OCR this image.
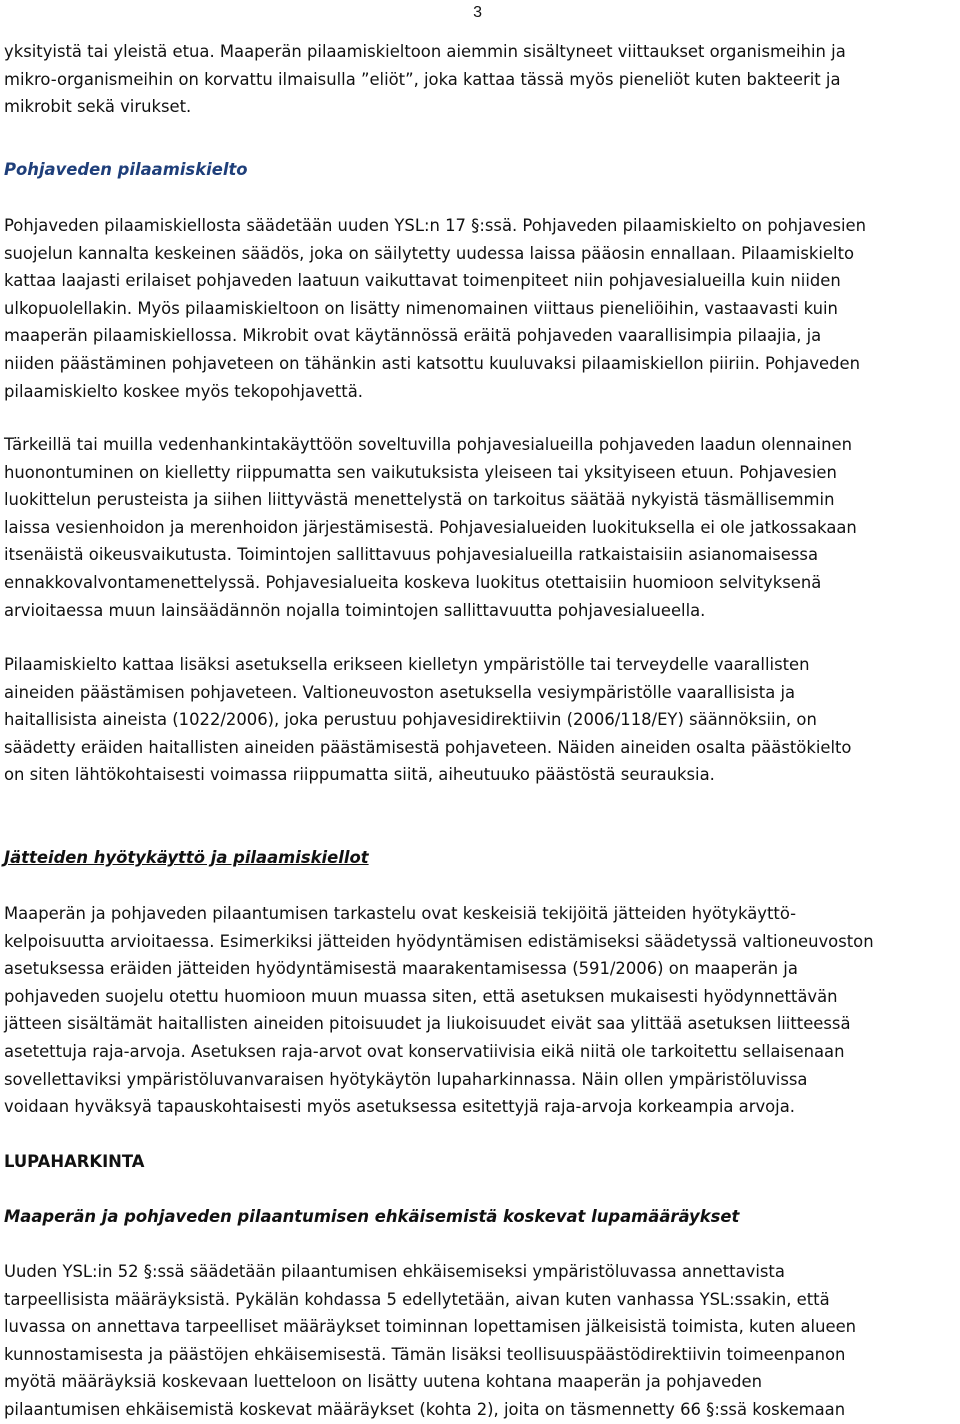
3

yksityistä tai yleistä etua. Maaperän pilaamiskieltoon aiemmin sisältyneet viittaukset organismeihin ja
mikro-organismeihin on korvattu ilmaisulla ”eliöt”, joka kattaa tässä myös pieneliöt kuten bakteerit ja
mikrobit sekä virukset.

Pohjaveden pilaamiskielto

Pohjaveden pilaamiskiellosta säädetään uuden YSL:n 17 §:ssä. Pohjaveden pilaamiskielto on pohjavesien
suojelun kannalta keskeinen säädös, joka on säilytetty uudessa laissa pääosin ennallaan. Pilaamiskielto
kattaa laajasti erilaiset pohjaveden laatuun vaikuttavat toimenpiteet niin pohjavesialueilla kuin niiden
ulkopuolellakin. Myös pilaamiskieltoon on lisätty nimenomainen viittaus pieneliöihin, vastaavasti kuin
maaperän pilaamiskiellossa. Mikrobit ovat käytännössä eräitä pohjaveden vaarallisimpia pilaajia, ja
niiden päästäminen pohjaveteen on tähänkin asti katsottu kuuluvaksi pilaamiskiellon piiriin. Pohjaveden
pilaamiskielto koskee myös tekopohjavettä.

Tärkeillä tai muilla vedenhankintakäyttöön soveltuvilla pohjavesialueilla pohjaveden laadun olennainen
huonontuminen on kielletty riippumatta sen vaikutuksista yleiseen tai yksityiseen etuun. Pohjavesien
luokittelun perusteista ja siihen liittyvästä menettelystä on tarkoitus säätää nykyistä täsmällisemmin
laissa vesienhoidon ja merenhoidon järjestämisestä. Pohjavesialueiden luokituksella ei ole jatkossakaan
itsenäistä oikeusvaikutusta. Toimintojen sallittavuus pohjavesialueilla ratkaistaisiin asianomaisessa
ennakkovalvontamenettelyssä. Pohjavesialueita koskeva luokitus otettaisiin huomioon selvityksenä
arvioitaessa muun lainsäädännön nojalla toimintojen sallittavuutta pohjavesialueella.

Pilaamiskielto kattaa lisäksi asetuksella erikseen kielletyn ympäristölle tai terveydelle vaarallisten
aineiden päästämisen pohjaveteen. Valtioneuvoston asetuksella vesiympäristölle vaarallisista ja
haitallisista aineista (1022/2006), joka perustuu pohjavesidirektiivin (2006/118/EY) säännöksiin, on
säädetty eräiden haitallisten aineiden päästämisestä pohjaveteen. Näiden aineiden osalta päästökielto
on siten lähtökohtaisesti voimassa riippumatta siitä, aiheutuuko päästöstä seurauksia.

Jätteiden hyötykäyttö ja pilaamiskiellot

Maaperän ja pohjaveden pilaantumisen tarkastelu ovat keskeisiä tekijöitä jätteiden hyötykäyttö-
kelpoisuutta arvioitaessa. Esimerkiksi jätteiden hyödyntämisen edistämiseksi säädetyssä valtioneuvoston
asetuksessa eräiden jätteiden hyödyntämisestä maarakentamisessa (591/2006) on maaperän ja
pohjaveden suojelu otettu huomioon muun muassa siten, että asetuksen mukaisesti hyödynnettävän
jätteen sisältämät haitallisten aineiden pitoisuudet ja liukoisuudet eivät saa ylittää asetuksen liitteessä
asetettuja raja-arvoja. Asetuksen raja-arvot ovat konservatiivisia eikä niitä ole tarkoitettu sellaisenaan
sovellettaviksi ympäristöluvanvaraisen hyötykäytön lupaharkinnassa. Näin ollen ympäristöluvissa
voidaan hyväksyä tapauskohtaisesti myös asetuksessa esitettyjä raja-arvoja korkeampia arvoja.

LUPAHARKINTA

Maaperän ja pohjaveden pilaantumisen ehkäisemistä koskevat lupamääräykset

Uuden YSL:in 52 §:ssä säädetään pilaantumisen ehkäisemiseksi ympäristöluvassa annettavista
tarpeellisista määräyksistä. Pykälän kohdassa 5 edellytetään, aivan kuten vanhassa YSL:ssakin, että
luvassa on annettava tarpeelliset määräykset toiminnan lopettamisen jälkeisistä toimista, kuten alueen
kunnostamisesta ja päästöjen ehkäisemisestä. Tämän lisäksi teollisuuspäästödirektiivin toimeenpanon
myötä määräyksiä koskevaan luetteloon on lisätty uutena kohtana maaperän ja pohjaveden
pilaantumisen ehkäisemistä koskevat määräykset (kohta 2), joita on täsmennetty 66 §:ssä koskemaan
